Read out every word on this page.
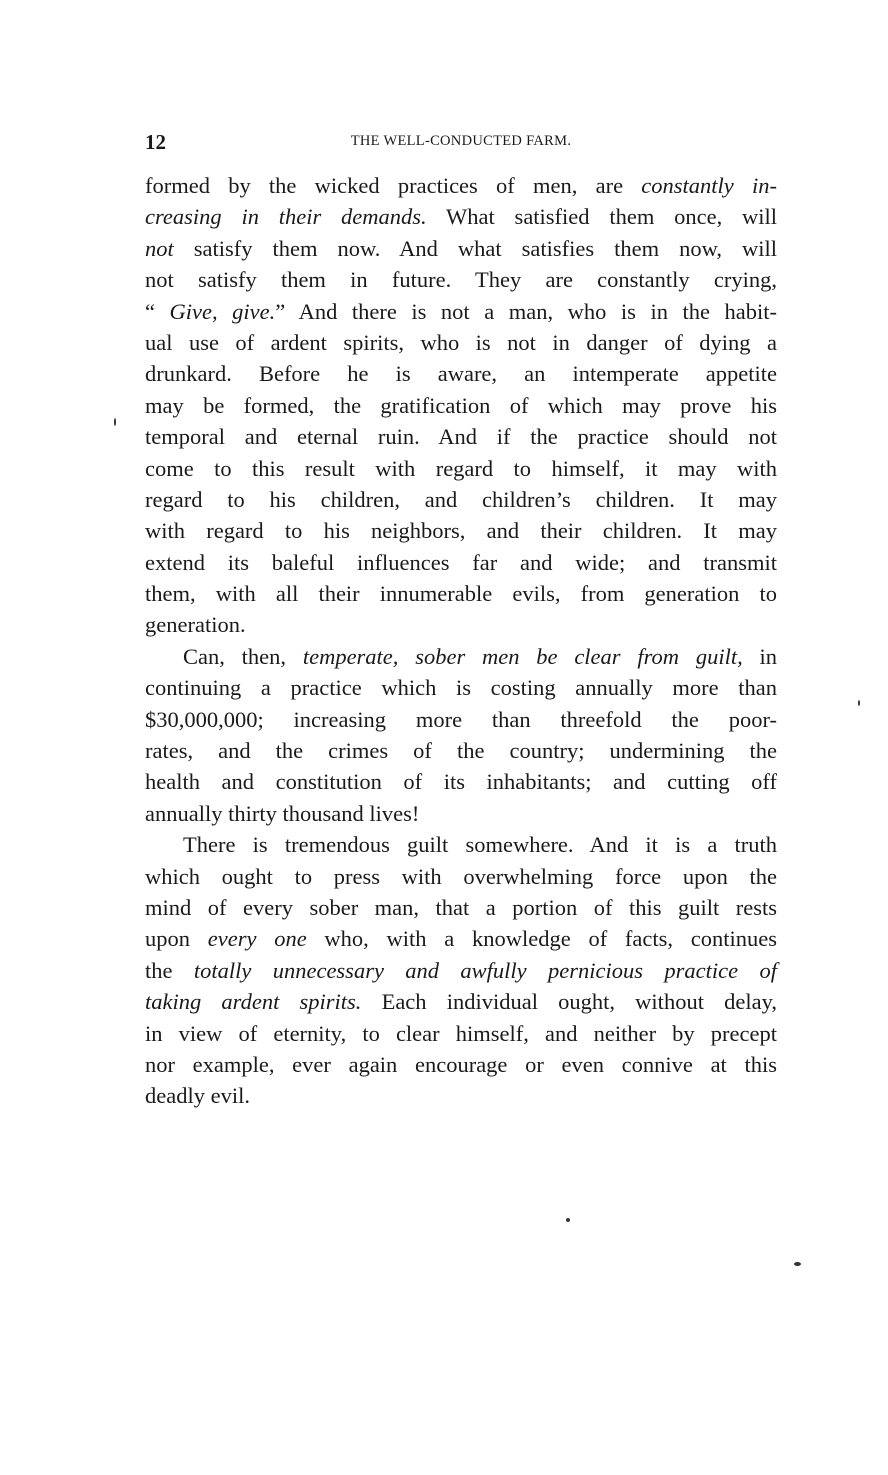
12	THE WELL-CONDUCTED FARM.
formed by the wicked practices of men, are constantly in-
creasing in their demands. What satisfied them once, will
not satisfy them now. And what satisfies them now, will
not satisfy them in future. They are constantly crying,
“ Give, give.” And there is not a man, who is in the habit-
ual use of ardent spirits, who is not in danger of dying a
drunkard. Before he is aware, an intemperate appetite
may be formed, the gratification of which may prove his
temporal and eternal ruin. And if the practice should not
come to this result with regard to himself, it may with
regard to his children, and children’s children. It may
with regard to his neighbors, and their children. It may
extend its baleful influences far and wide; and transmit
them, with all their innumerable evils, from generation to
generation.
Can, then, temperate, sober men be clear from guilt, in
continuing a practice which is costing annually more than
$30,000,000; increasing more than threefold the poor-
rates, and the crimes of the country; undermining the
health and constitution of its inhabitants; and cutting off
annually thirty thousand lives!
There is tremendous guilt somewhere. And it is a truth
which ought to press with overwhelming force upon the
mind of every sober man, that a portion of this guilt rests
upon every one who, with a knowledge of facts, continues
the totally unnecessary and awfully pernicious practice of
taking ardent spirits. Each individual ought, without delay,
in view of eternity, to clear himself, and neither by precept
nor example, ever again encourage or even connive at this
deadly evil.
